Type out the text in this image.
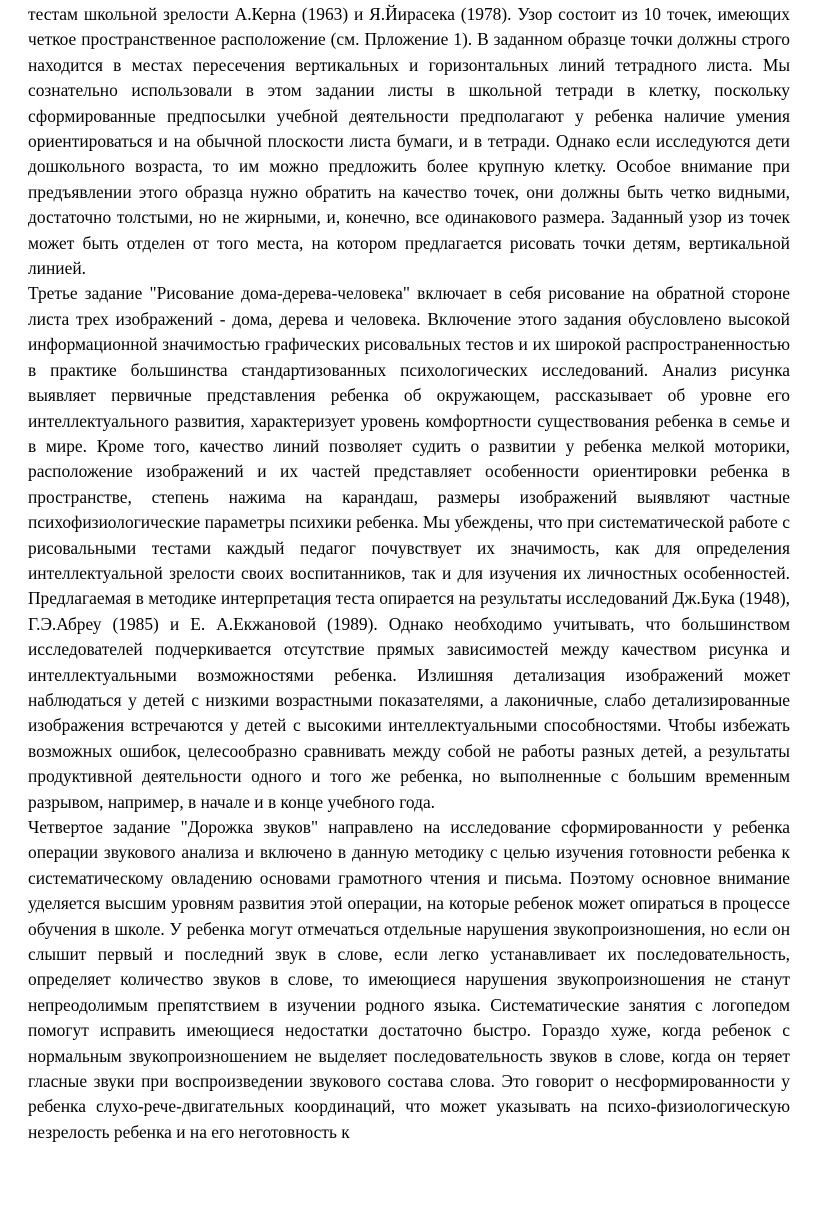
тестам школьной зрелости А.Керна (1963) и Я.Йирасека (1978). Узор состоит из 10 точек, имеющих четкое пространственное расположение (см. Прложение 1). В заданном образце точки должны строго находится в местах пересечения вертикальных и горизонтальных линий тетрадного листа. Мы сознательно использовали в этом задании листы в школьной тетради в клетку, поскольку сформированные предпосылки учебной деятельности предполагают у ребенка наличие умения ориентироваться и на обычной плоскости листа бумаги, и в тетради. Однако если исследуются дети дошкольного возраста, то им можно предложить более крупную клетку. Особое внимание при предъявлении этого образца нужно обратить на качество точек, они должны быть четко видными, достаточно толстыми, но не жирными, и, конечно, все одинакового размера. Заданный узор из точек может быть отделен от того места, на котором предлагается рисовать точки детям, вертикальной линией.

Третье задание "Рисование дома-дерева-человека" включает в себя рисование на обратной стороне листа трех изображений - дома, дерева и человека. Включение этого задания обусловлено высокой информационной значимостью графических рисовальных тестов и их широкой распространенностью в практике большинства стандартизованных психологических исследований. Анализ рисунка выявляет первичные представления ребенка об окружающем, рассказывает об уровне его интеллектуального развития, характеризует уровень комфортности существования ребенка в семье и в мире. Кроме того, качество линий позволяет судить о развитии у ребенка мелкой моторики, расположение изображений и их частей представляет особенности ориентировки ребенка в пространстве, степень нажима на карандаш, размеры изображений выявляют частные психофизиологические параметры психики ребенка. Мы убеждены, что при систематической работе с рисовальными тестами каждый педагог почувствует их значимость, как для определения интеллектуальной зрелости своих воспитанников, так и для изучения их личностных особенностей. Предлагаемая в методике интерпретация теста опирается на результаты исследований Дж.Бука (1948), Г.Э.Абреу (1985) и Е. А.Екжановой (1989). Однако необходимо учитывать, что большинством исследователей подчеркивается отсутствие прямых зависимостей между качеством рисунка и интеллектуальными возможностями ребенка. Излишняя детализация изображений может наблюдаться у детей с низкими возрастными показателями, а лаконичные, слабо детализированные изображения встречаются у детей с высокими интеллектуальными способностями. Чтобы избежать возможных ошибок, целесообразно сравнивать между собой не работы разных детей, а результаты продуктивной деятельности одного и того же ребенка, но выполненные с большим временным разрывом, например, в начале и в конце учебного года.

Четвертое задание "Дорожка звуков" направлено на исследование сформированности у ребенка операции звукового анализа и включено в данную методику с целью изучения готовности ребенка к систематическому овладению основами грамотного чтения и письма. Поэтому основное внимание уделяется высшим уровням развития этой операции, на которые ребенок может опираться в процессе обучения в школе. У ребенка могут отмечаться отдельные нарушения звукопроизношения, но если он слышит первый и последний звук в слове, если легко устанавливает их последовательность, определяет количество звуков в слове, то имеющиеся нарушения звукопроизношения не станут непреодолимым препятствием в изучении родного языка. Систематические занятия с логопедом помогут исправить имеющиеся недостатки достаточно быстро. Гораздо хуже, когда ребенок с нормальным звукопроизношением не выделяет последовательность звуков в слове, когда он теряет гласные звуки при воспроизведении звукового состава слова. Это говорит о несформированности у ребенка слухо-рече-двигательных координаций, что может указывать на психо-физиологическую незрелость ребенка и на его неготовность к
